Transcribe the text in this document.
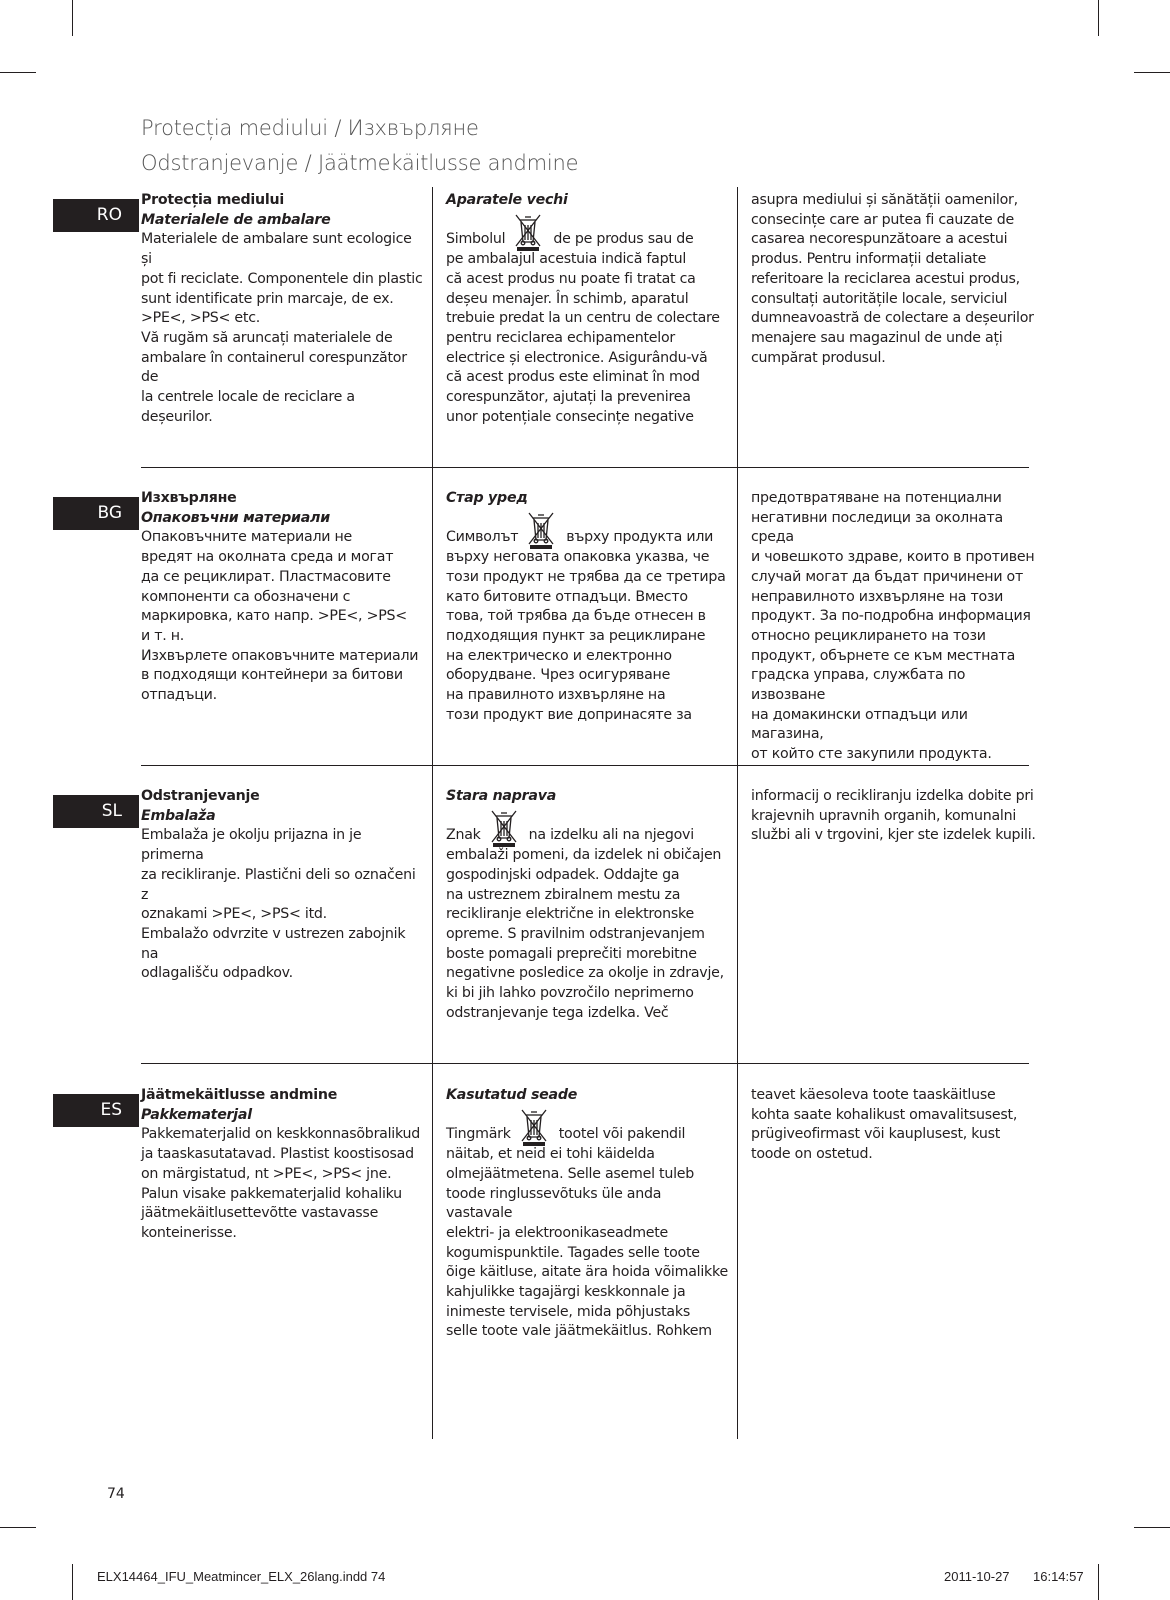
Protecția mediului / Изхвърляне
Odstranjevanje / Jäätmekäitlusse andmine
RO
Protecția mediului
Materialele de ambalare
Materialele de ambalare sunt ecologice și
pot fi reciclate. Componentele din plastic
sunt identificate prin marcaje, de ex.
>PE<, >PS< etc.
Vă rugăm să aruncați materialele de
ambalare în containerul corespunzător de
la centrele locale de reciclare a deșeurilor.
Aparatele vechi
Simbolul	de pe produs sau de
pe ambalajul acestuia indică faptul
că acest produs nu poate fi tratat ca
deșeu menajer. În schimb, aparatul
trebuie predat la un centru de colectare
pentru reciclarea echipamentelor
electrice și electronice. Asigurându-vă
că acest produs este eliminat în mod
corespunzător, ajutați la prevenirea
unor potențiale consecințe negative
asupra mediului și sănătății oamenilor,
consecințe care ar putea fi cauzate de
casarea necorespunzătoare a acestui
produs. Pentru informații detaliate
referitoare la reciclarea acestui produs,
consultați autoritățile locale, serviciul
dumneavoastră de colectare a deșeurilor
menajere sau magazinul de unde ați
cumpărat produsul.
BG
Изхвърляне
Опаковъчни материали
Опаковъчните материали не
вредят на околната среда и могат
да се рециклират. Пластмасовите
компоненти са обозначени с
маркировка, като напр. >PE<, >PS<
и т. н.
Изхвърлете опаковъчните материали
в подходящи контейнери за битови
отпадъци.
Стар уред
Символът	върху продукта или
върху неговата опаковка указва, че
този продукт не трябва да се третира
като битовите отпадъци. Вместо
това, той трябва да бъде отнесен в
подходящия пункт за рециклиране
на електрическо и електронно
оборудване. Чрез осигуряване
на правилното изхвърляне на
този продукт вие допринасяте за
предотвратяване на потенциални
негативни последици за околната среда
и човешкото здраве, които в противен
случай могат да бъдат причинени от
неправилното изхвърляне на този
продукт. За по-подробна информация
относно рециклирането на този
продукт, обърнете се към местната
градска управа, службата по извозване
на домакински отпадъци или магазина,
от който сте закупили продукта.
SL
Odstranjevanje
Embalaža
Embalaža je okolju prijazna in je primerna
za recikliranje. Plastični deli so označeni z
oznakami >PE<, >PS< itd.
Embalažo odvrzite v ustrezen zabojnik na
odlagališču odpadkov.
Stara naprava
Znak	na izdelku ali na njegovi
embalaži pomeni, da izdelek ni običajen
gospodinjski odpadek. Oddajte ga
na ustreznem zbiralnem mestu za
recikliranje električne in elektronske
opreme. S pravilnim odstranjevanjem
boste pomagali preprečiti morebitne
negativne posledice za okolje in zdravje,
ki bi jih lahko povzročilo neprimerno
odstranjevanje tega izdelka. Več
informacij o recikliranju izdelka dobite pri
krajevnih upravnih organih, komunalni
službi ali v trgovini, kjer ste izdelek kupili.
ES
Jäätmekäitlusse andmine
Pakkematerjal
Pakkematerjalid on keskkonnasõbralikud
ja taaskasutatavad. Plastist koostisosad
on märgistatud, nt >PE<, >PS< jne.
Palun visake pakkematerjalid kohaliku
jäätmekäitlusettevõtte vastavasse
konteinerisse.
Kasutatud seade
Tingmärk	tootel või pakendil
näitab, et neid ei tohi käidelda
olmejäätmetena. Selle asemel tuleb
toode ringlussevõtuks üle anda vastavale
elektri- ja elektroonikaseadmete
kogumispunktile. Tagades selle toote
õige käitluse, aitate ära hoida võimalikke
kahjulikke tagajärgi keskkonnale ja
inimeste tervisele, mida põhjustaks
selle toote vale jäätmekäitlus. Rohkem
teavet käesoleva toote taaskäitluse
kohta saate kohalikust omavalitsusest,
prügiveofirmast või kauplusest, kust
toode on ostetud.
74
ELX14464_IFU_Meatmincer_ELX_26lang.indd 74	2011-10-27 16:14:57
